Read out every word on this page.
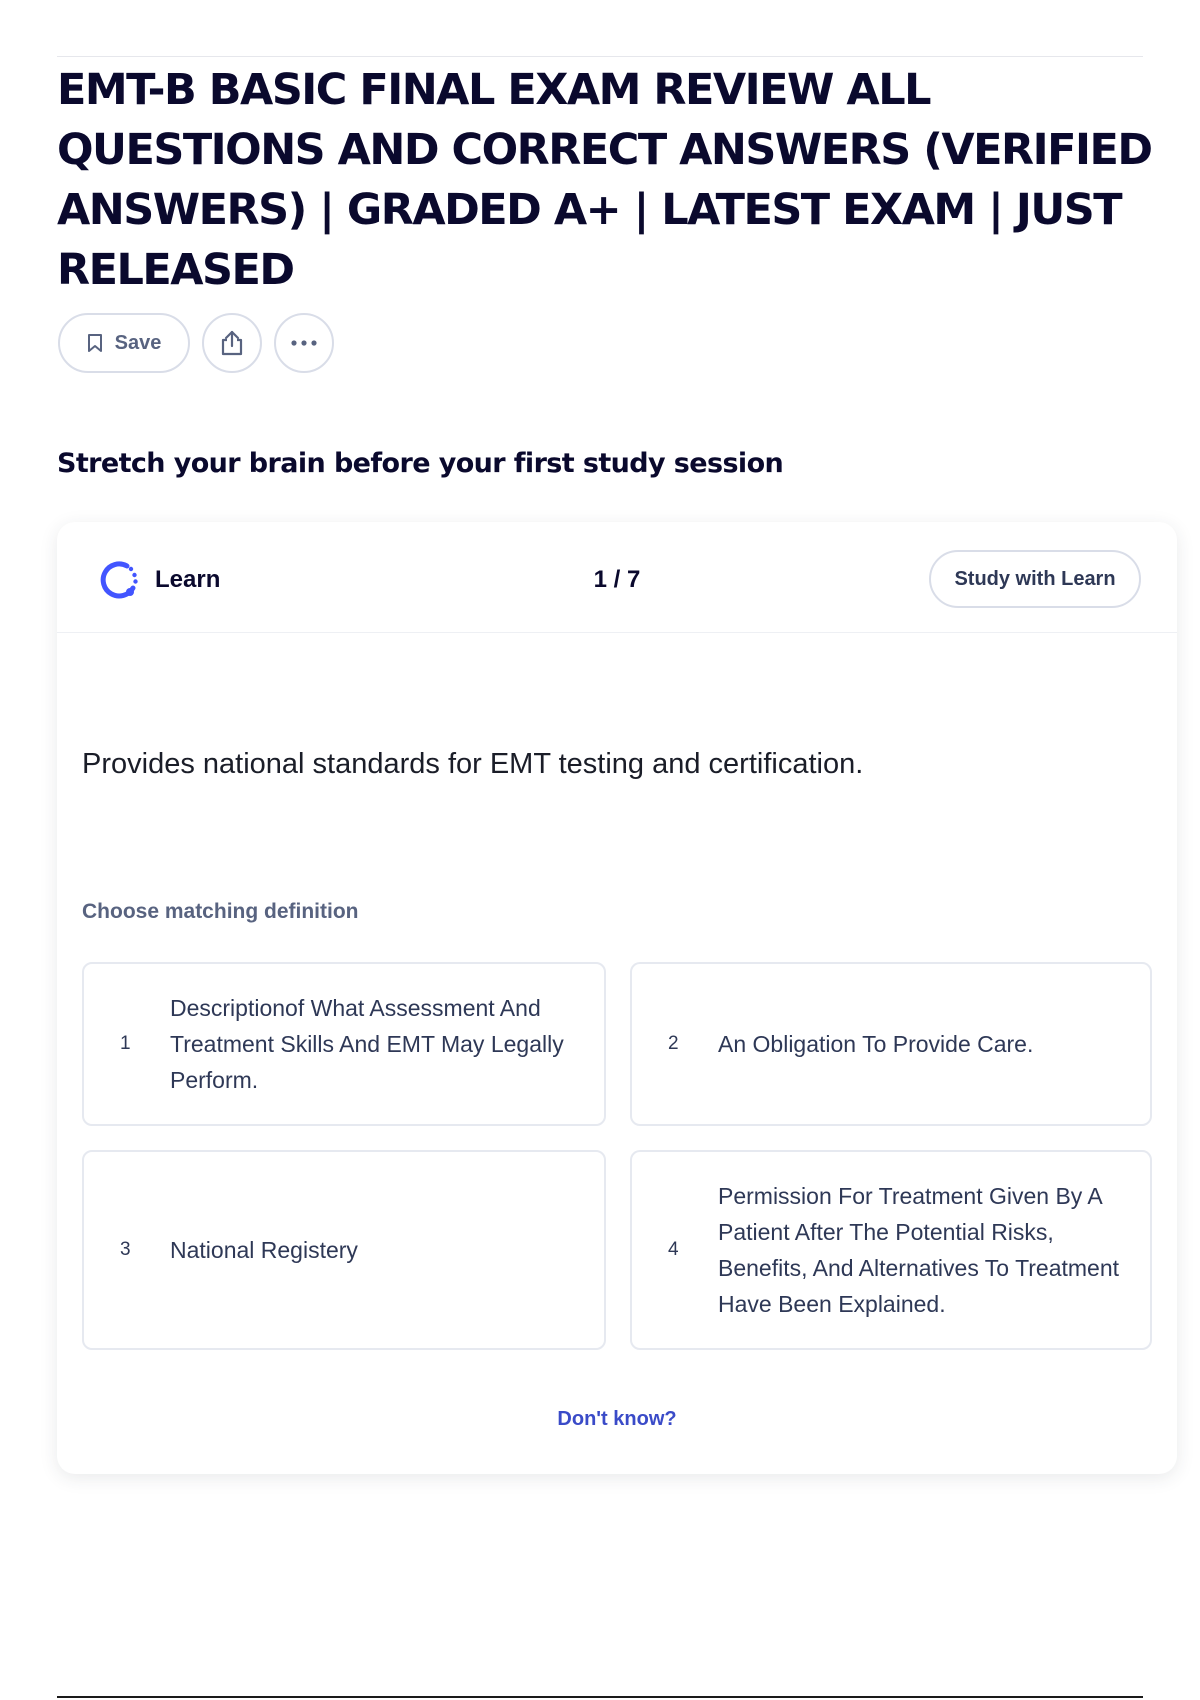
EMT-B BASIC FINAL EXAM REVIEW ALL QUESTIONS AND CORRECT ANSWERS (VERIFIED ANSWERS) | GRADED A+ | LATEST EXAM | JUST RELEASED
Save
Stretch your brain before your first study session
Learn	1 / 7	Study with Learn

Provides national standards for EMT testing and certification.

Choose matching definition
1
Descriptionof What Assessment And Treatment Skills And EMT May Legally Perform.
2 An Obligation To Provide Care.
3 National Registery	4
Permission For Treatment Given By A Patient After The Potential Risks, Benefits, And Alternatives To Treatment Have Been Explained.
Don't know?
